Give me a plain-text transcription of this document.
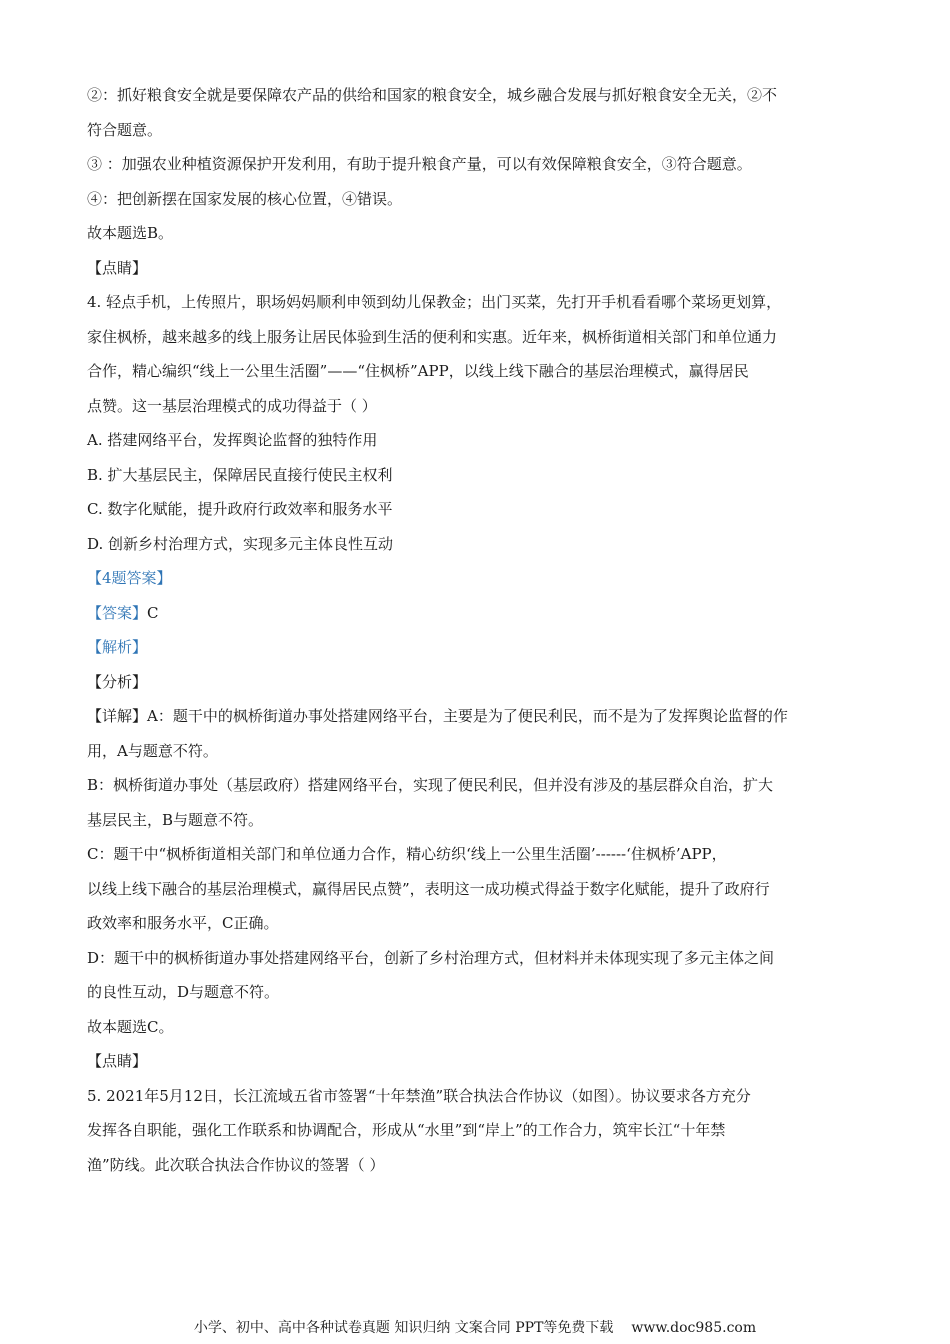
②：抓好粮食安全就是要保障农产品的供给和国家的粮食安全，城乡融合发展与抓好粮食安全无关，②不
符合题意。
③ ：加强农业种植资源保护开发利用，有助于提升粮食产量，可以有效保障粮食安全，③符合题意。
④：把创新摆在国家发展的核心位置，④错误。
故本题选B。
【点睛】
4. 轻点手机，上传照片，职场妈妈顺利申领到幼儿保教金；出门买菜，先打开手机看看哪个菜场更划算，
家住枫桥，越来越多的线上服务让居民体验到生活的便利和实惠。近年来，枫桥街道相关部门和单位通力
合作，精心编织“线上一公里生活圈”——“住枫桥”APP，以线上线下融合的基层治理模式，赢得居民
点赞。这一基层治理模式的成功得益于（ ）
A. 搭建网络平台，发挥舆论监督的独特作用
B. 扩大基层民主，保障居民直接行使民主权利
C. 数字化赋能，提升政府行政效率和服务水平
D. 创新乡村治理方式，实现多元主体良性互动
【4题答案】
【答案】C
【解析】
【分析】
【详解】A：题干中的枫桥街道办事处搭建网络平台，主要是为了便民利民，而不是为了发挥舆论监督的作
用，A与题意不符。
B：枫桥街道办事处（基层政府）搭建网络平台，实现了便民利民，但并没有涉及的基层群众自治，扩大
基层民主，B与题意不符。
C：题干中“枫桥街道相关部门和单位通力合作，精心纺织‘线上一公里生活圈’------‘住枫桥’APP，
以线上线下融合的基层治理模式，赢得居民点赞”，表明这一成功模式得益于数字化赋能，提升了政府行
政效率和服务水平，C正确。
D：题干中的枫桥街道办事处搭建网络平台，创新了乡村治理方式，但材料并未体现实现了多元主体之间
的良性互动，D与题意不符。
故本题选C。
【点睛】
5. 2021年5月12日，长江流域五省市签署“十年禁渔”联合执法合作协议（如图）。协议要求各方充分
发挥各自职能，强化工作联系和协调配合，形成从“水里”到“岸上”的工作合力，筑牢长江“十年禁
渔”防线。此次联合执法合作协议的签署（ ）
小学、初中、高中各种试卷真题 知识归纳 文案合同 PPT等免费下载 www.doc985.com
